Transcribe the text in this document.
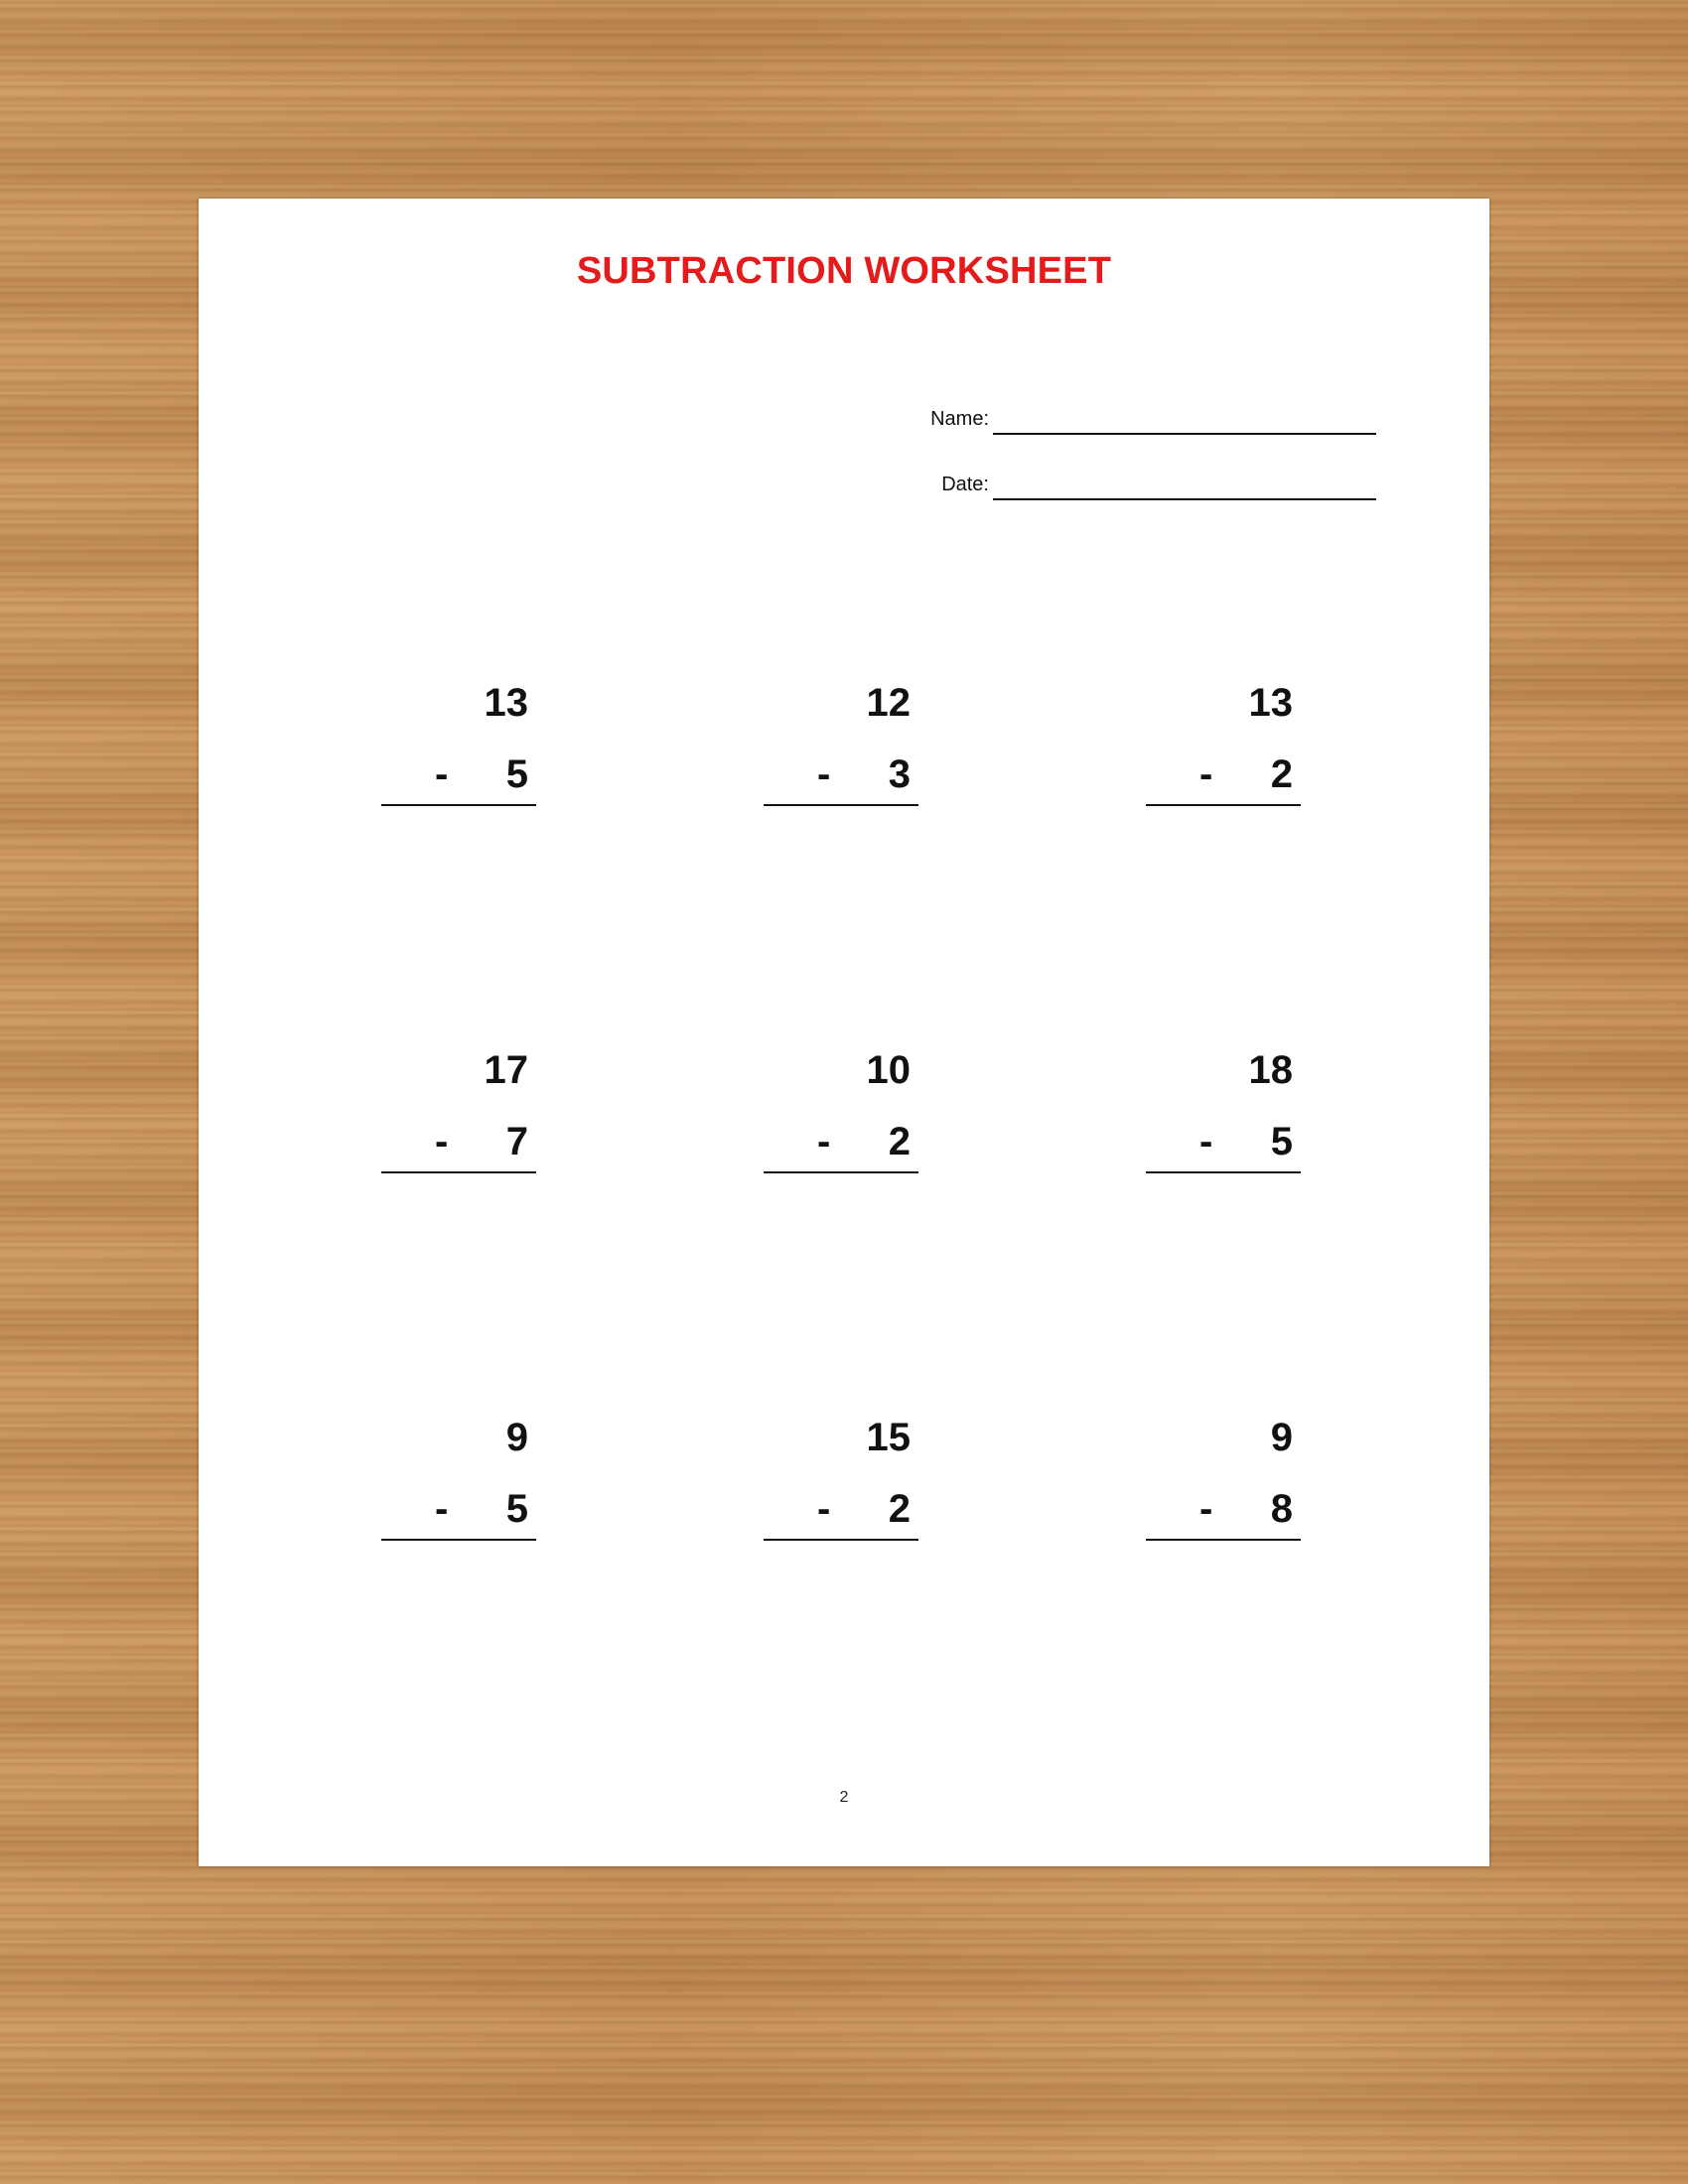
SUBTRACTION WORKSHEET
Name:
Date:
13
- 5
12
- 3
13
- 2
17
- 7
10
- 2
18
- 5
9
- 5
15
- 2
9
- 8
2
